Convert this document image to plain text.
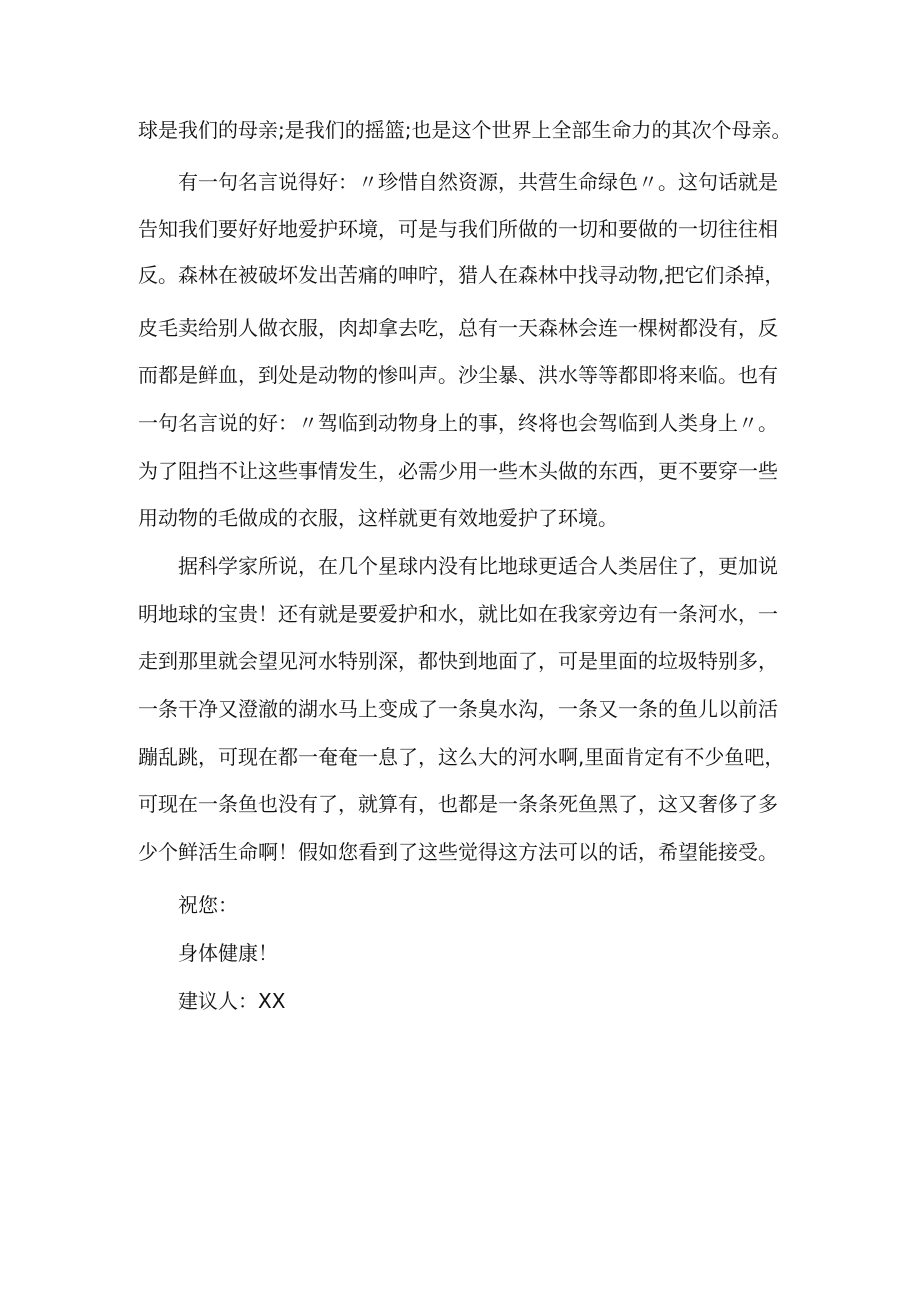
球是我们的母亲;是我们的摇篮;也是这个世界上全部生命力的其次个母亲。
有一句名言说得好：〃珍惜自然资源，共营生命绿色〃。这句话就是
告知我们要好好地爱护环境，可是与我们所做的一切和要做的一切往往相
反。森林在被破坏发出苦痛的呻咛，猎人在森林中找寻动物,把它们杀掉，
皮毛卖给别人做衣服，肉却拿去吃，总有一天森林会连一棵树都没有，反
而都是鲜血，到处是动物的惨叫声。沙尘暴、洪水等等都即将来临。也有
一句名言说的好：〃驾临到动物身上的事，终将也会驾临到人类身上〃。
为了阻挡不让这些事情发生，必需少用一些木头做的东西，更不要穿一些
用动物的毛做成的衣服，这样就更有效地爱护了环境。
据科学家所说，在几个星球内没有比地球更适合人类居住了，更加说
明地球的宝贵！还有就是要爱护和水，就比如在我家旁边有一条河水，一
走到那里就会望见河水特别深，都快到地面了，可是里面的垃圾特别多，
一条干净又澄澈的湖水马上变成了一条臭水沟，一条又一条的鱼儿以前活
蹦乱跳，可现在都一奄奄一息了，这么大的河水啊,里面肯定有不少鱼吧，
可现在一条鱼也没有了，就算有，也都是一条条死鱼黑了，这又奢侈了多
少个鲜活生命啊！假如您看到了这些觉得这方法可以的话，希望能接受。
祝您：
身体健康！
建议人：XX
